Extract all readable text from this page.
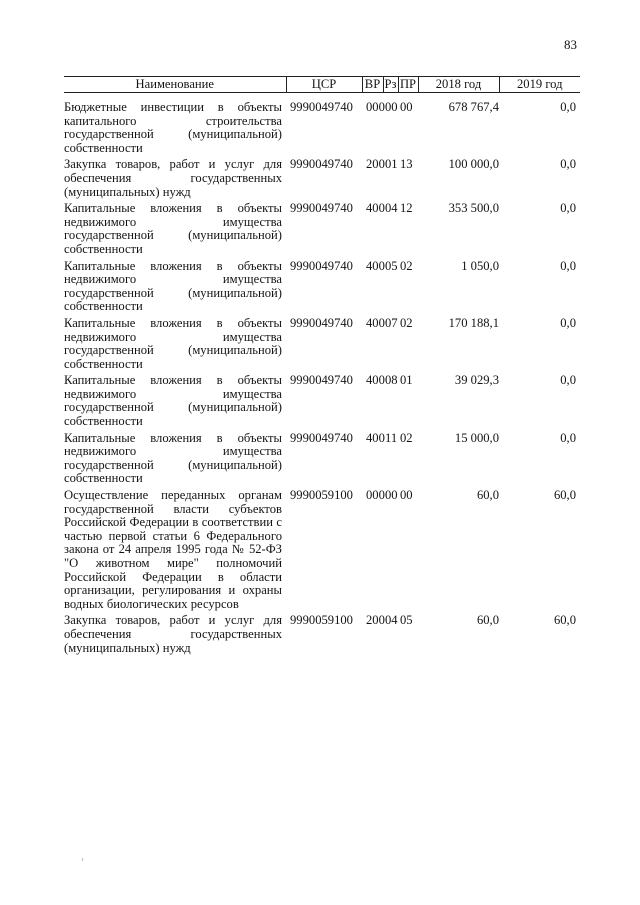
83
Наименование	ЦСР	ВР	Рз	ПР	2018 год	2019 год
Бюджетные инвестиции в объекты капитального строительства государственной (муниципальной) собственности	9990049740	000	00	00	678 767,4	0,0
Закупка товаров, работ и услуг для обеспечения государственных (муниципальных) нужд	9990049740	200	01	13	100 000,0	0,0
Капитальные вложения в объекты недвижимого имущества государственной (муниципальной) собственности	9990049740	400	04	12	353 500,0	0,0
Капитальные вложения в объекты недвижимого имущества государственной (муниципальной) собственности	9990049740	400	05	02	1 050,0	0,0
Капитальные вложения в объекты недвижимого имущества государственной (муниципальной) собственности	9990049740	400	07	02	170 188,1	0,0
Капитальные вложения в объекты недвижимого имущества государственной (муниципальной) собственности	9990049740	400	08	01	39 029,3	0,0
Капитальные вложения в объекты недвижимого имущества государственной (муниципальной) собственности	9990049740	400	11	02	15 000,0	0,0
Осуществление переданных органам государственной власти субъектов Российской Федерации в соответствии с частью первой статьи 6 Федерального закона от 24 апреля 1995 года № 52-ФЗ "О животном мире" полномочий Российской Федерации в области организации, регулирования и охраны водных биологических ресурсов	9990059100	000	00	00	60,0	60,0
Закупка товаров, работ и услуг для обеспечения государственных (муниципальных) нужд	9990059100	200	04	05	60,0	60,0
